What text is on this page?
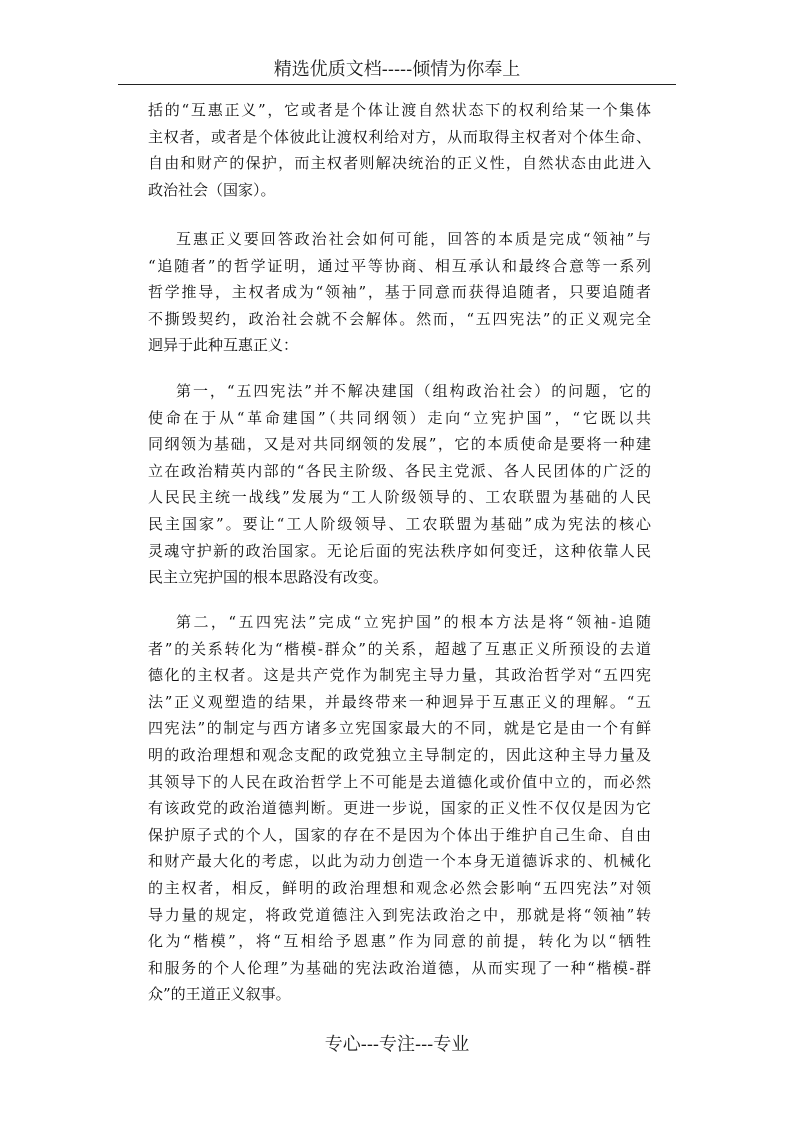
精选优质文档-----倾情为你奉上
括的“互惠正义”，它或者是个体让渡自然状态下的权利给某一个集体
主权者，或者是个体彼此让渡权利给对方，从而取得主权者对个体生命、
自由和财产的保护，而主权者则解决统治的正义性，自然状态由此进入
政治社会（国家）。
互惠正义要回答政治社会如何可能，回答的本质是完成“领袖”与
“追随者”的哲学证明，通过平等协商、相互承认和最终合意等一系列
哲学推导，主权者成为“领袖”，基于同意而获得追随者，只要追随者
不撕毁契约，政治社会就不会解体。然而，“五四宪法”的正义观完全
迥异于此种互惠正义：
第一，“五四宪法”并不解决建国（组构政治社会）的问题，它的
使命在于从“革命建国”（共同纲领）走向“立宪护国”，“它既以共
同纲领为基础，又是对共同纲领的发展”，它的本质使命是要将一种建
立在政治精英内部的“各民主阶级、各民主党派、各人民团体的广泛的
人民民主统一战线”发展为“工人阶级领导的、工农联盟为基础的人民
民主国家”。要让“工人阶级领导、工农联盟为基础”成为宪法的核心
灵魂守护新的政治国家。无论后面的宪法秩序如何变迁，这种依靠人民
民主立宪护国的根本思路没有改变。
第二，“五四宪法”完成“立宪护国”的根本方法是将“领袖-追随
者”的关系转化为“楷模-群众”的关系，超越了互惠正义所预设的去道
德化的主权者。这是共产党作为制宪主导力量，其政治哲学对“五四宪
法”正义观塑造的结果，并最终带来一种迥异于互惠正义的理解。“五
四宪法”的制定与西方诸多立宪国家最大的不同，就是它是由一个有鲜
明的政治理想和观念支配的政党独立主导制定的，因此这种主导力量及
其领导下的人民在政治哲学上不可能是去道德化或价值中立的，而必然
有该政党的政治道德判断。更进一步说，国家的正义性不仅仅是因为它
保护原子式的个人，国家的存在不是因为个体出于维护自己生命、自由
和财产最大化的考虑，以此为动力创造一个本身无道德诉求的、机械化
的主权者，相反，鲜明的政治理想和观念必然会影响“五四宪法”对领
导力量的规定，将政党道德注入到宪法政治之中，那就是将“领袖”转
化为“楷模”，将“互相给予恩惠”作为同意的前提，转化为以“牺牲
和服务的个人伦理”为基础的宪法政治道德，从而实现了一种“楷模-群
众”的王道正义叙事。
专心---专注---专业
